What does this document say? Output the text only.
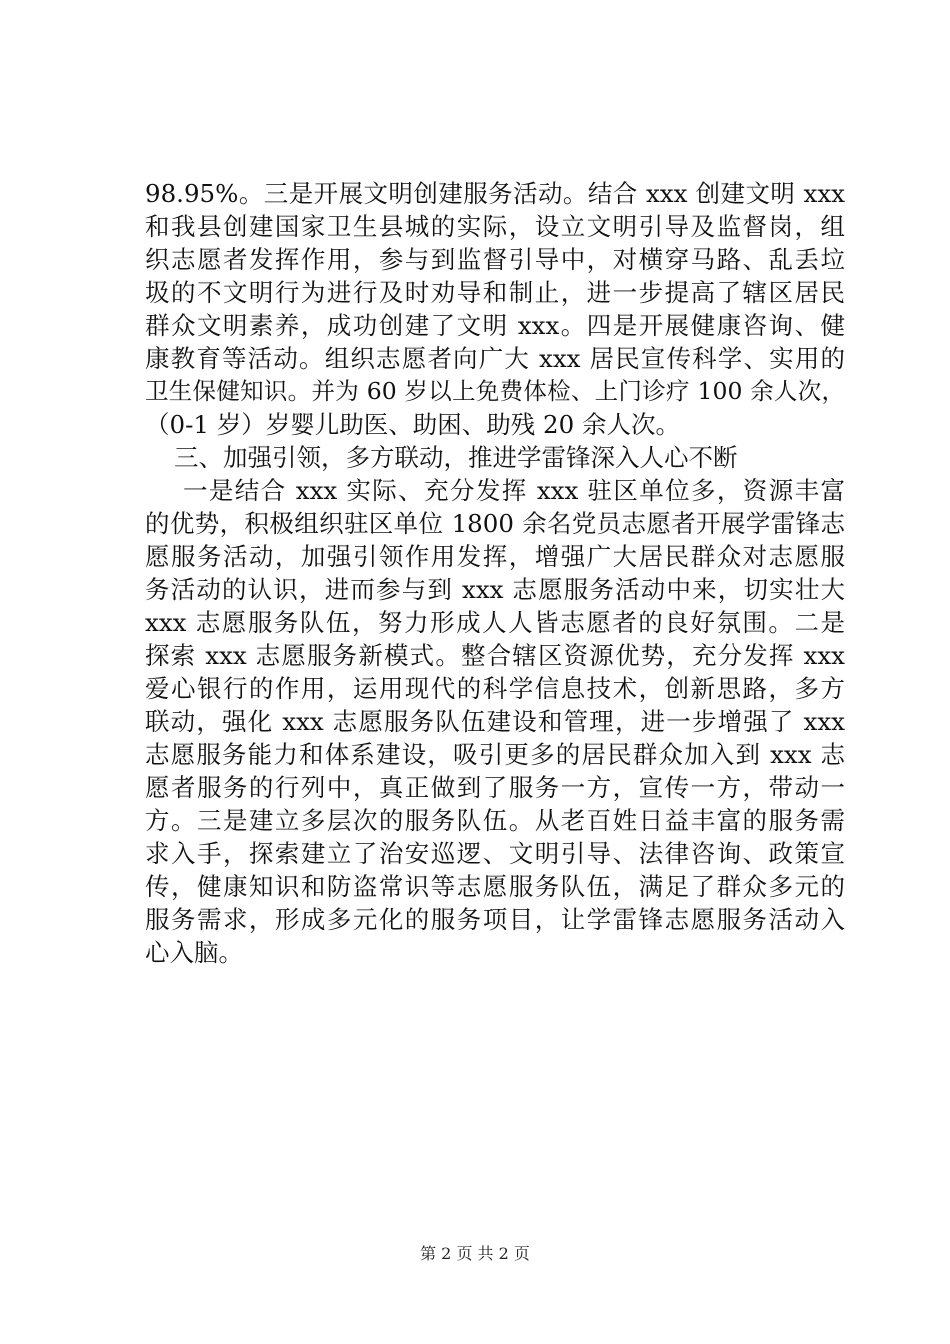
98.95%。三是开展文明创建服务活动。结合 xxx 创建文明 xxx
和我县创建国家卫生县城的实际，设立文明引导及监督岗，组
织志愿者发挥作用，参与到监督引导中，对横穿马路、乱丢垃
圾的不文明行为进行及时劝导和制止，进一步提高了辖区居民
群众文明素养，成功创建了文明 xxx。四是开展健康咨询、健
康教育等活动。组织志愿者向广大 xxx 居民宣传科学、实用的
卫生保健知识。并为 60 岁以上免费体检、上门诊疗 100 余人次，
（0-1 岁）岁婴儿助医、助困、助残 20 余人次。
三、加强引领，多方联动，推进学雷锋深入人心不断
一是结合 xxx 实际、充分发挥 xxx 驻区单位多，资源丰富
的优势，积极组织驻区单位 1800 余名党员志愿者开展学雷锋志
愿服务活动，加强引领作用发挥，增强广大居民群众对志愿服
务活动的认识，进而参与到 xxx 志愿服务活动中来，切实壮大
xxx 志愿服务队伍，努力形成人人皆志愿者的良好氛围。二是
探索 xxx 志愿服务新模式。整合辖区资源优势，充分发挥 xxx
爱心银行的作用，运用现代的科学信息技术，创新思路，多方
联动，强化 xxx 志愿服务队伍建设和管理，进一步增强了 xxx
志愿服务能力和体系建设，吸引更多的居民群众加入到 xxx 志
愿者服务的行列中，真正做到了服务一方，宣传一方，带动一
方。三是建立多层次的服务队伍。从老百姓日益丰富的服务需
求入手，探索建立了治安巡逻、文明引导、法律咨询、政策宣
传，健康知识和防盗常识等志愿服务队伍，满足了群众多元的
服务需求，形成多元化的服务项目，让学雷锋志愿服务活动入
心入脑。
第 2 页 共 2 页
